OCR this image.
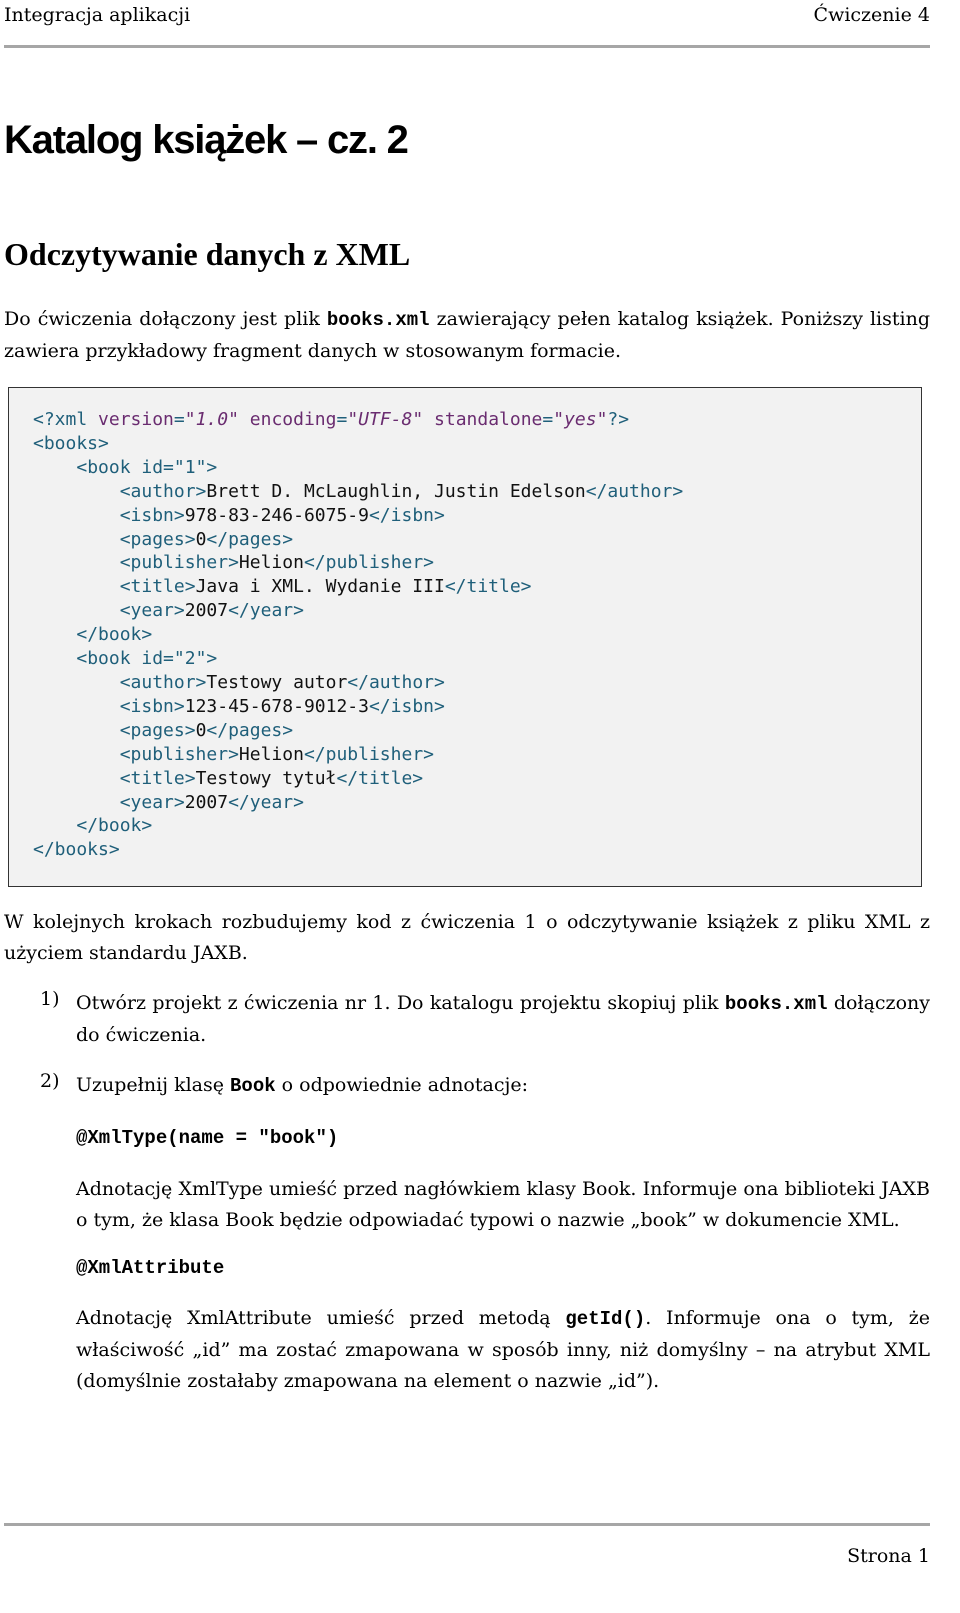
Integracja aplikacji	Ćwiczenie 4
Katalog książek – cz. 2
Odczytywanie danych z XML

Do ćwiczenia dołączony jest plik books.xml zawierający pełen katalog książek. Poniższy listing zawiera przykładowy fragment danych w stosowanym formacie.

<?xml version="1.0" encoding="UTF-8" standalone="yes"?>
<books>
<book id="1">
<author>Brett D. McLaughlin, Justin Edelson</author>
<isbn>978-83-246-6075-9</isbn>
<pages>0</pages>
<publisher>Helion</publisher>
<title>Java i XML. Wydanie III</title>
<year>2007</year>
</book>
<book id="2">
<author>Testowy autor</author>
<isbn>123-45-678-9012-3</isbn>
<pages>0</pages>
<publisher>Helion</publisher>
<title>Testowy tytuł</title>
<year>2007</year>
</book>
</books>

W kolejnych krokach rozbudujemy kod z ćwiczenia 1 o odczytywanie książek z pliku XML z użyciem standardu JAXB.

1) Otwórz projekt z ćwiczenia nr 1. Do katalogu projektu skopiuj plik books.xml dołączony do ćwiczenia.
2) Uzupełnij klasę Book o odpowiednie adnotacje:
@XmlType(name = "book")
Adnotację XmlType umieść przed nagłówkiem klasy Book. Informuje ona biblioteki JAXB o tym, że klasa Book będzie odpowiadać typowi o nazwie „book” w dokumencie XML.
@XmlAttribute
Adnotację XmlAttribute umieść przed metodą getId(). Informuje ona o tym, że właściwość „id” ma zostać zmapowana w sposób inny, niż domyślny – na atrybut XML (domyślnie zostałaby zmapowana na element o nazwie „id”).
Strona 1
